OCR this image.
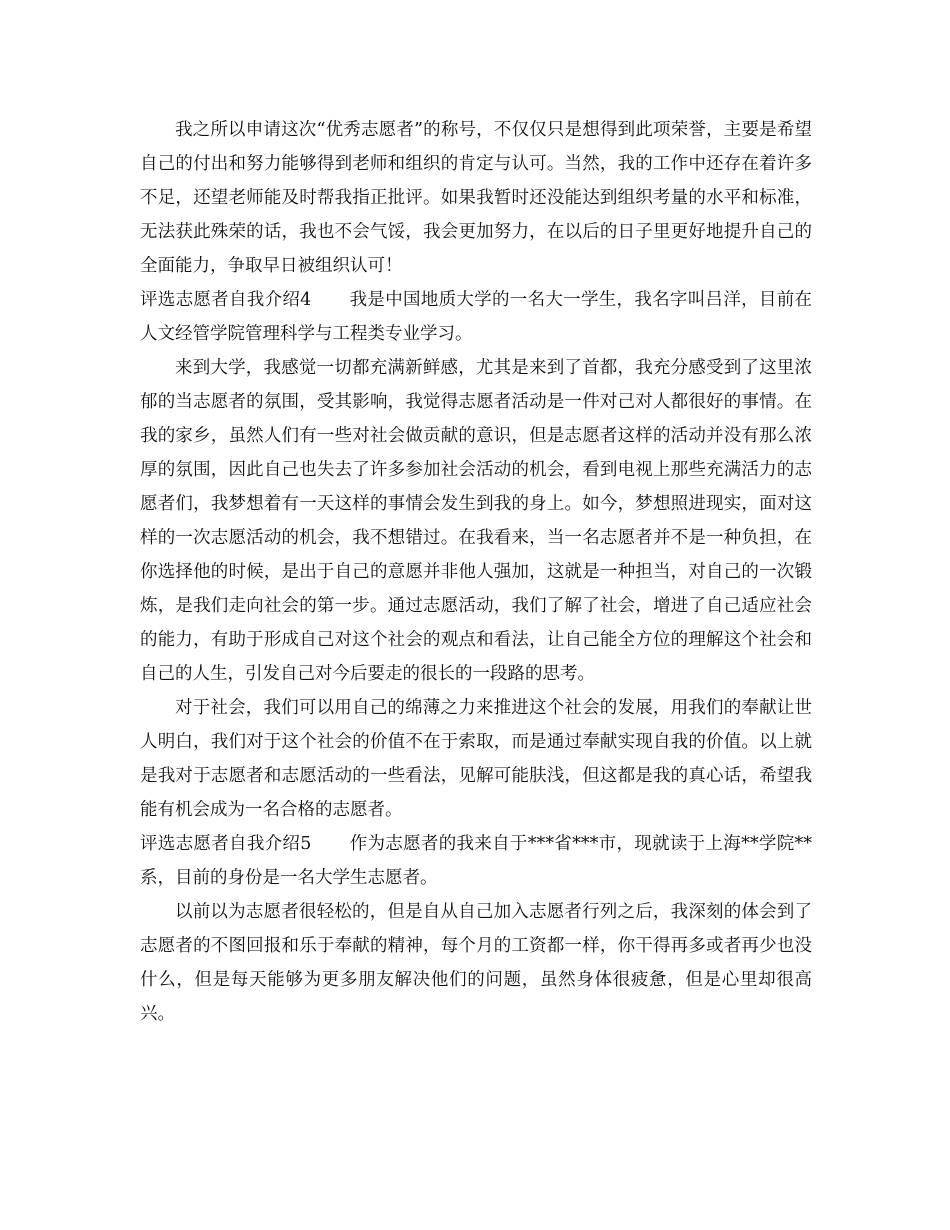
我之所以申请这次“优秀志愿者”的称号，不仅仅只是想得到此项荣誉，主要是希望自己的付出和努力能够得到老师和组织的肯定与认可。当然，我的工作中还存在着许多不足，还望老师能及时帮我指正批评。如果我暂时还没能达到组织考量的水平和标准，无法获此殊荣的话，我也不会气馁，我会更加努力，在以后的日子里更好地提升自己的全面能力，争取早日被组织认可！

评选志愿者自我介绍4 我是中国地质大学的一名大一学生，我名字叫吕洋，目前在人文经管学院管理科学与工程类专业学习。

来到大学，我感觉一切都充满新鲜感，尤其是来到了首都，我充分感受到了这里浓郁的当志愿者的氛围，受其影响，我觉得志愿者活动是一件对己对人都很好的事情。在我的家乡，虽然人们有一些对社会做贡献的意识，但是志愿者这样的活动并没有那么浓厚的氛围，因此自己也失去了许多参加社会活动的机会，看到电视上那些充满活力的志愿者们，我梦想着有一天这样的事情会发生到我的身上。如今，梦想照进现实，面对这样的一次志愿活动的机会，我不想错过。在我看来，当一名志愿者并不是一种负担，在你选择他的时候，是出于自己的意愿并非他人强加，这就是一种担当，对自己的一次锻炼，是我们走向社会的第一步。通过志愿活动，我们了解了社会，增进了自己适应社会的能力，有助于形成自己对这个社会的观点和看法，让自己能全方位的理解这个社会和自己的人生，引发自己对今后要走的很长的一段路的思考。

对于社会，我们可以用自己的绵薄之力来推进这个社会的发展，用我们的奉献让世人明白，我们对于这个社会的价值不在于索取，而是通过奉献实现自我的价值。以上就是我对于志愿者和志愿活动的一些看法，见解可能肤浅，但这都是我的真心话，希望我能有机会成为一名合格的志愿者。

评选志愿者自我介绍5 作为志愿者的我来自于***省***市，现就读于上海**学院**系，目前的身份是一名大学生志愿者。

以前以为志愿者很轻松的，但是自从自己加入志愿者行列之后，我深刻的体会到了志愿者的不图回报和乐于奉献的精神，每个月的工资都一样，你干得再多或者再少也没什么，但是每天能够为更多朋友解决他们的问题，虽然身体很疲惫，但是心里却很高兴。
